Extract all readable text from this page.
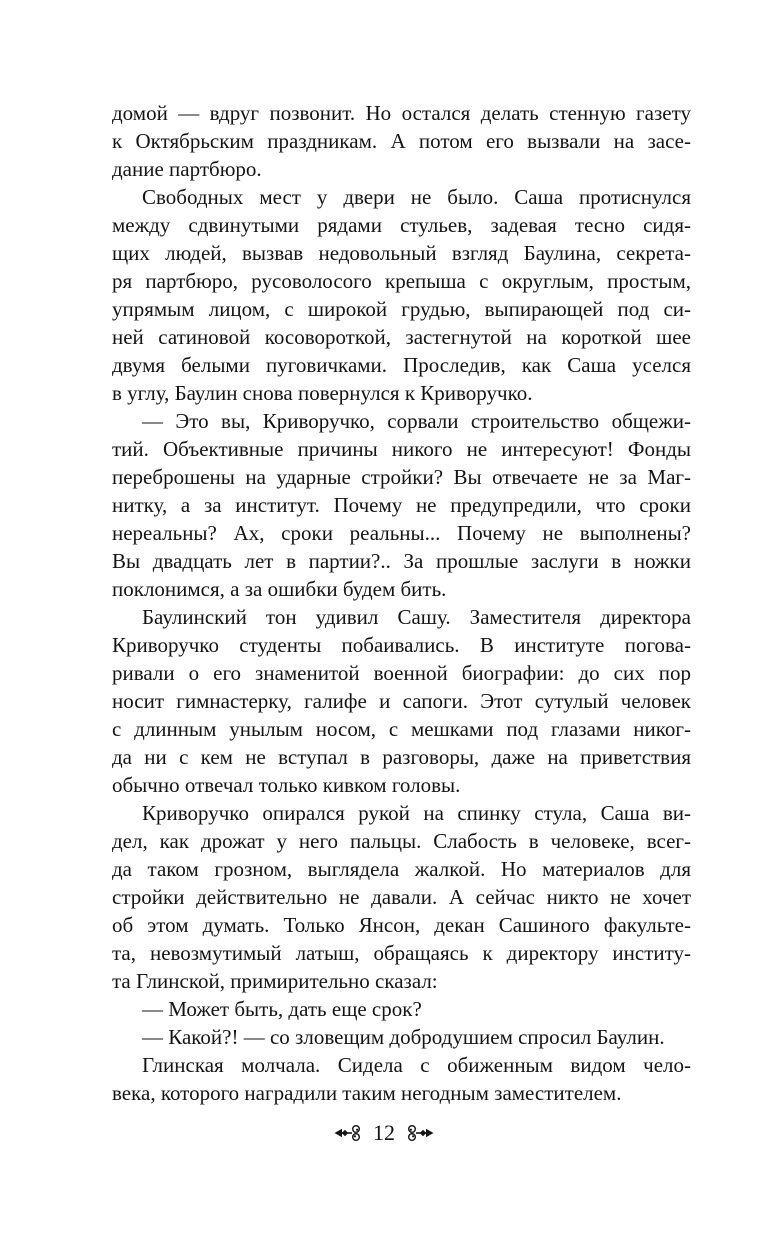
домой — вдруг позвонит. Но остался делать стенную газету
к Октябрьским праздникам. А потом его вызвали на засе-
дание партбюро.
Свободных мест у двери не было. Саша протиснулся
между сдвинутыми рядами стульев, задевая тесно сидя-
щих людей, вызвав недовольный взгляд Баулина, секрета-
ря партбюро, русоволосого крепыша с округлым, простым,
упрямым лицом, с широкой грудью, выпирающей под си-
ней сатиновой косовороткой, застегнутой на короткой шее
двумя белыми пуговичками. Проследив, как Саша уселся
в углу, Баулин снова повернулся к Криворучко.
— Это вы, Криворучко, сорвали строительство общежи-
тий. Объективные причины никого не интересуют! Фонды
переброшены на ударные стройки? Вы отвечаете не за Маг-
нитку, а за институт. Почему не предупредили, что сроки
нереальны? Ах, сроки реальны... Почему не выполнены?
Вы двадцать лет в партии?.. За прошлые заслуги в ножки
поклонимся, а за ошибки будем бить.
Баулинский тон удивил Сашу. Заместителя директора
Криворучко студенты побаивались. В институте погова-
ривали о его знаменитой военной биографии: до сих пор
носит гимнастерку, галифе и сапоги. Этот сутулый человек
с длинным унылым носом, с мешками под глазами никог-
да ни с кем не вступал в разговоры, даже на приветствия
обычно отвечал только кивком головы.
Криворучко опирался рукой на спинку стула, Саша ви-
дел, как дрожат у него пальцы. Слабость в человеке, всег-
да таком грозном, выглядела жалкой. Но материалов для
стройки действительно не давали. А сейчас никто не хочет
об этом думать. Только Янсон, декан Сашиного факульте-
та, невозмутимый латыш, обращаясь к директору институ-
та Глинской, примирительно сказал:
— Может быть, дать еще срок?
— Какой?! — со зловещим добродушием спросил Баулин.
Глинская молчала. Сидела с обиженным видом чело-
века, которого наградили таким негодным заместителем.
12
